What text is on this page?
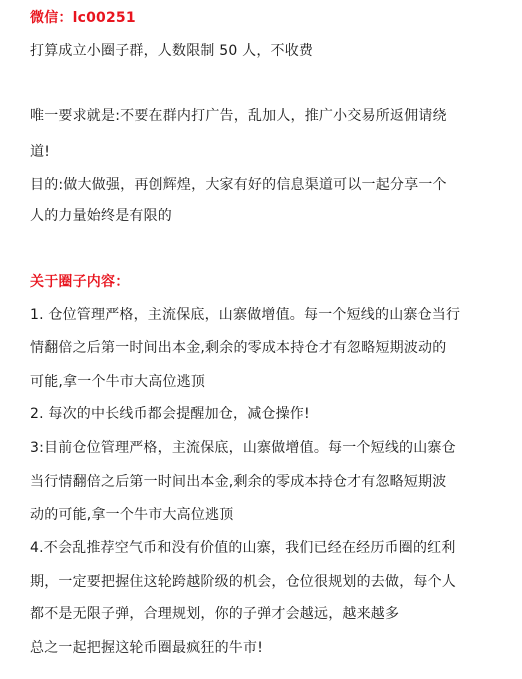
微信：lc00251
打算成立小圈子群，人数限制 50 人，不收费
唯一要求就是:不要在群内打广告，乱加人，推广小交易所返佣请绕
道!
目的:做大做强，再创辉煌，大家有好的信息渠道可以一起分享一个
人的力量始终是有限的
关于圈子内容：
1. 仓位管理严格，主流保底，山寨做增值。每一个短线的山寨仓当行
情翻倍之后第一时间出本金,剩余的零成本持仓才有忽略短期波动的
可能,拿一个牛市大高位逃顶
2. 每次的中长线币都会提醒加仓，减仓操作!
3:目前仓位管理严格，主流保底，山寨做增值。每一个短线的山寨仓
当行情翻倍之后第一时间出本金,剩余的零成本持仓才有忽略短期波
动的可能,拿一个牛市大高位逃顶
4.不会乱推荐空气币和没有价值的山寨，我们已经在经历币圈的红利
期，一定要把握住这轮跨越阶级的机会，仓位很规划的去做，每个人
都不是无限子弹，合理规划，你的子弹才会越远，越来越多
总之一起把握这轮币圈最疯狂的牛市!
